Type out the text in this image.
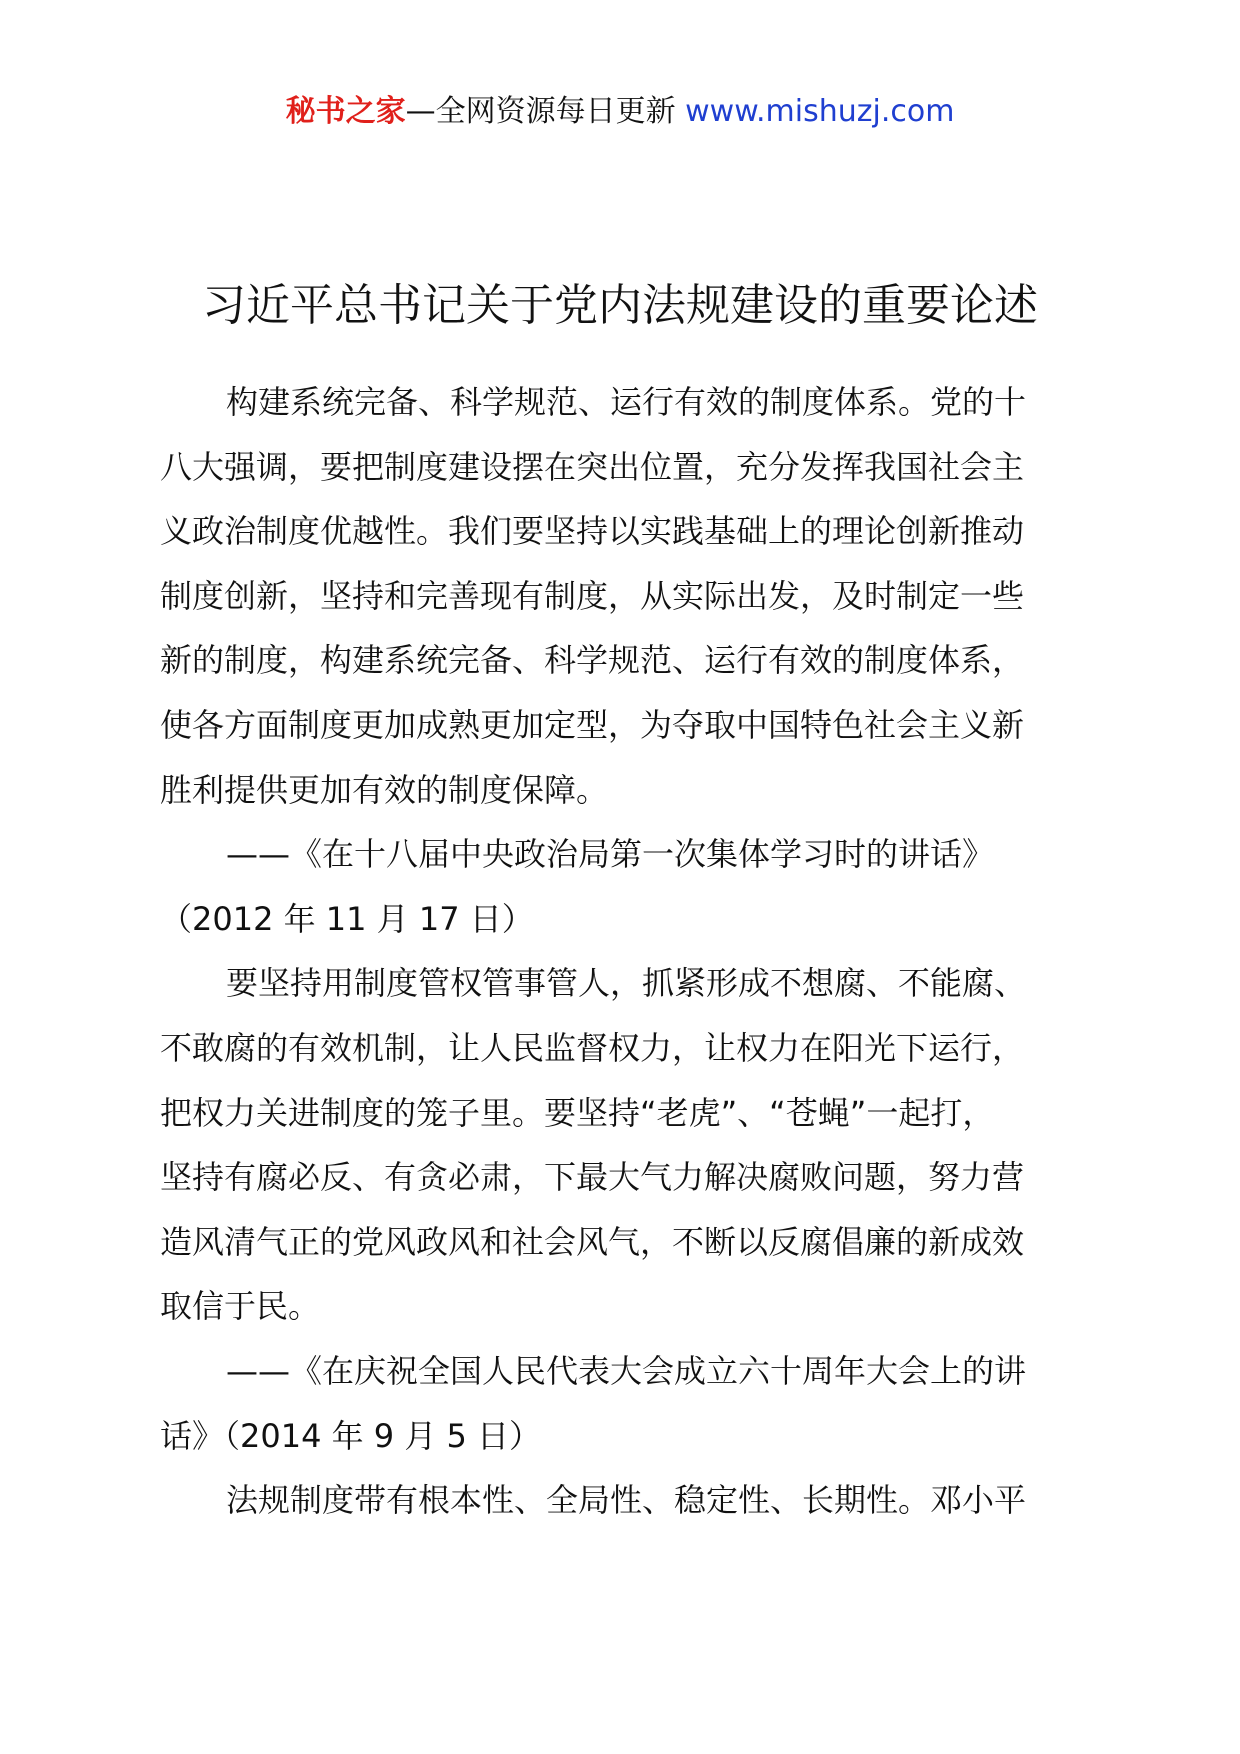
秘书之家—全网资源每日更新 www.mishuzj.com
习近平总书记关于党内法规建设的重要论述
构建系统完备、科学规范、运行有效的制度体系。党的十
八大强调，要把制度建设摆在突出位置，充分发挥我国社会主
义政治制度优越性。我们要坚持以实践基础上的理论创新推动
制度创新，坚持和完善现有制度，从实际出发，及时制定一些
新的制度，构建系统完备、科学规范、运行有效的制度体系，
使各方面制度更加成熟更加定型，为夺取中国特色社会主义新
胜利提供更加有效的制度保障。
——《在十八届中央政治局第一次集体学习时的讲话》
（2012 年 11 月 17 日）
要坚持用制度管权管事管人，抓紧形成不想腐、不能腐、
不敢腐的有效机制，让人民监督权力，让权力在阳光下运行，
把权力关进制度的笼子里。要坚持“老虎”、“苍蝇”一起打，
坚持有腐必反、有贪必肃，下最大气力解决腐败问题，努力营
造风清气正的党风政风和社会风气，不断以反腐倡廉的新成效
取信于民。
——《在庆祝全国人民代表大会成立六十周年大会上的讲
话》（2014 年 9 月 5 日）
法规制度带有根本性、全局性、稳定性、长期性。邓小平
